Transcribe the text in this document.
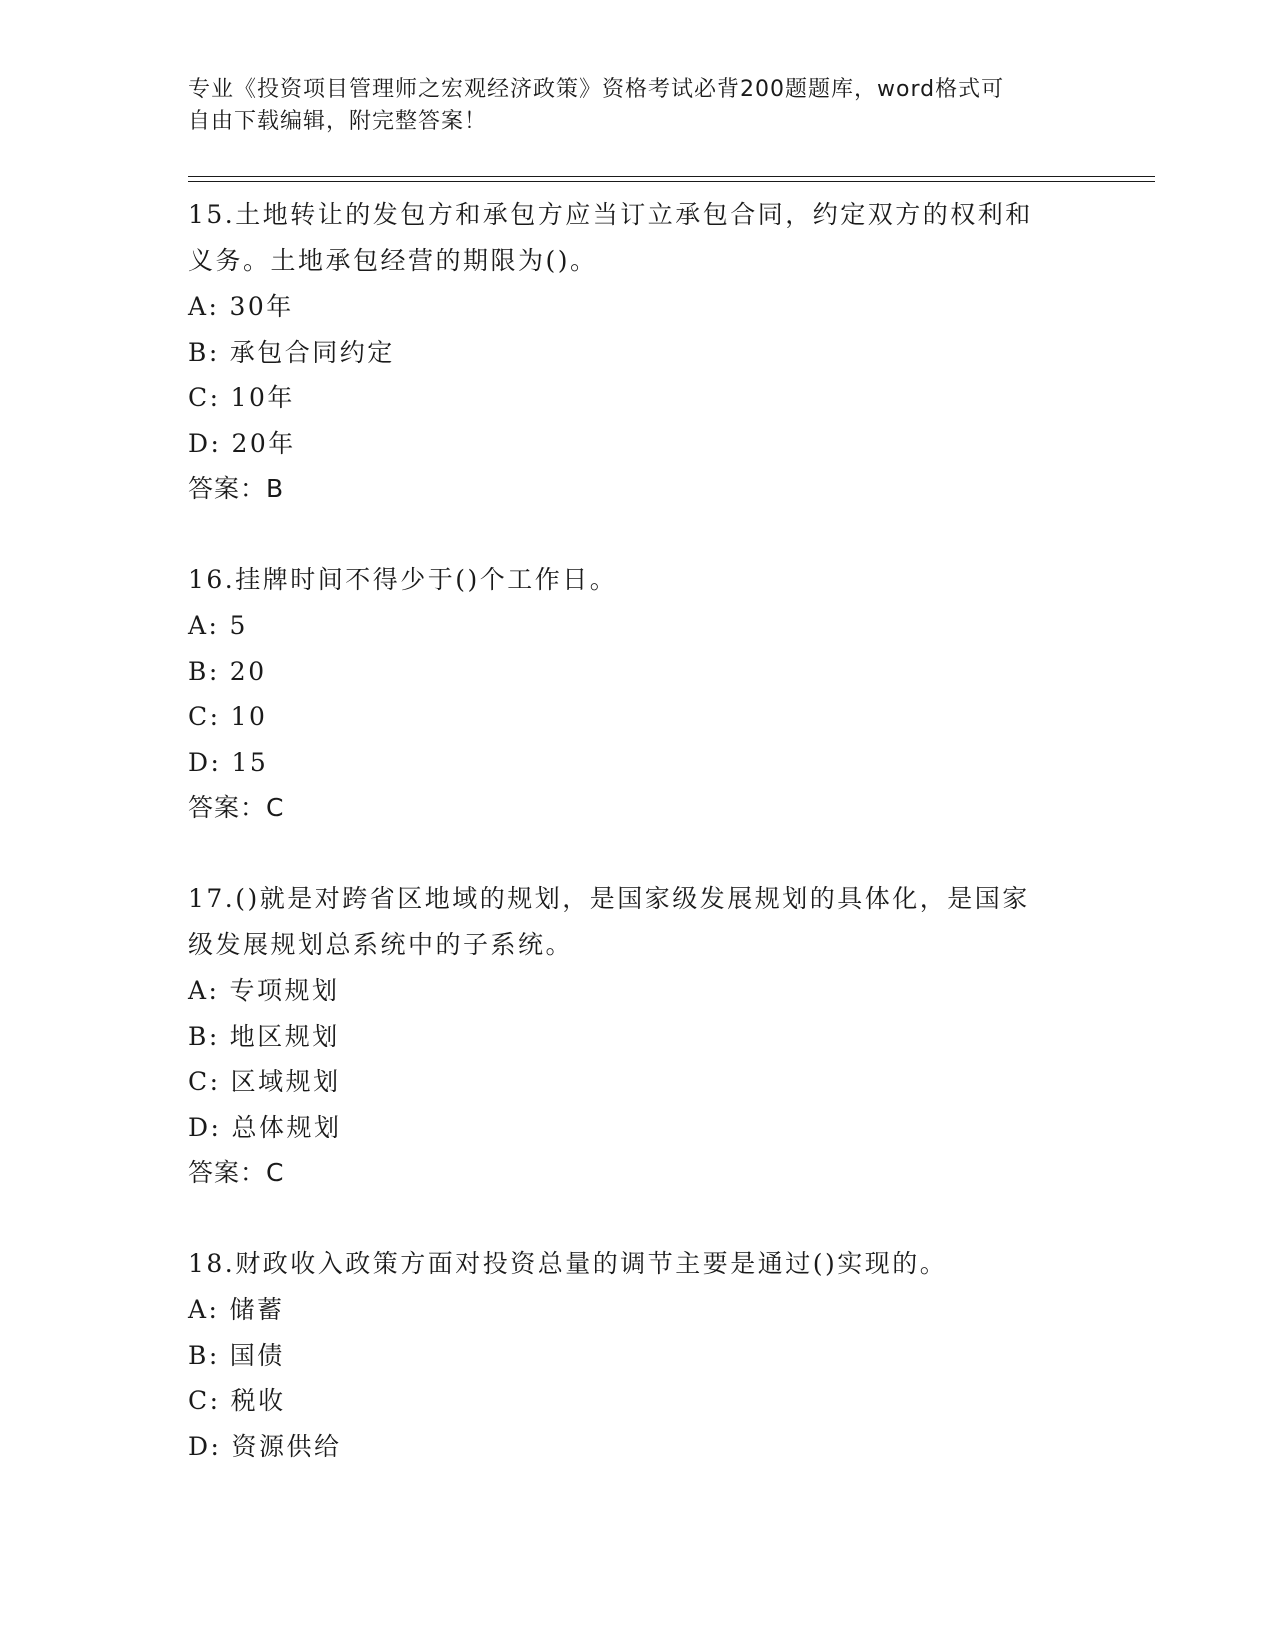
专业《投资项目管理师之宏观经济政策》资格考试必背200题题库，word格式可
自由下载编辑，附完整答案！

15.土地转让的发包方和承包方应当订立承包合同，约定双方的权利和

义务。土地承包经营的期限为()。

A: 30年

B: 承包合同约定

C: 10年

D: 20年

答案：B

16.挂牌时间不得少于()个工作日。

A: 5

B: 20

C: 10

D: 15

答案：C

17.()就是对跨省区地域的规划，是国家级发展规划的具体化，是国家

级发展规划总系统中的子系统。

A: 专项规划

B: 地区规划

C: 区域规划

D: 总体规划

答案：C

18.财政收入政策方面对投资总量的调节主要是通过()实现的。

A: 储蓄

B: 国债

C: 税收

D: 资源供给
